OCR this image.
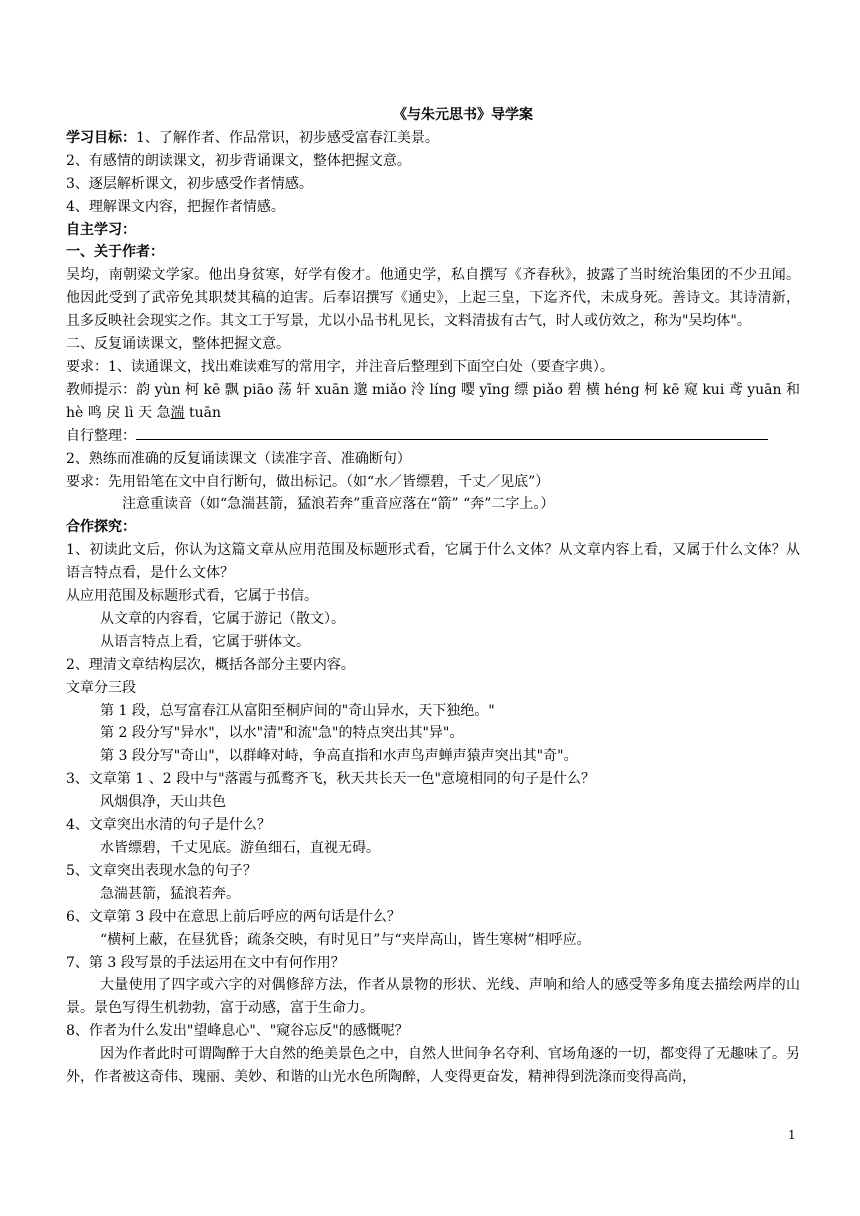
《与朱元思书》导学案
学习目标：1、了解作者、作品常识，初步感受富春江美景。
2、有感情的朗读课文，初步背诵课文，整体把握文意。
3、逐层解析课文，初步感受作者情感。
4、理解课文内容，把握作者情感。
自主学习：
一、关于作者：
吴均，南朝梁文学家。他出身贫寒，好学有俊才。他通史学，私自撰写《齐春秋》，披露了当时统治集团的不少丑闻。他因此受到了武帝免其职焚其稿的迫害。后奉诏撰写《通史》，上起三皇，下迄齐代，未成身死。善诗文。其诗清新，且多反映社会现实之作。其文工于写景，尤以小品书札见长，文料清拔有古气，时人或仿效之，称为"吴均体"。
二、反复诵读课文，整体把握文意。
要求：1、读通课文，找出难读难写的常用字，并注音后整理到下面空白处（要查字典）。
教师提示：韵 yùn 柯 kē 飘 piāo 荡 轩 xuān 邈 miǎo 泠 líng 嘤 yīng 缥 piǎo 碧 横 héng 柯 kē 窥 kui 鸢 yuān 和 hè 鸣 戾 lì 天 急湍 tuān
自行整理：
2、熟练而准确的反复诵读课文（读准字音、准确断句）
要求：先用铅笔在文中自行断句，做出标记。（如“水／皆缥碧，千丈／见底”）
注意重读音（如“急湍甚箭，猛浪若奔”重音应落在“箭” “奔”二字上。）
合作探究：
1、初读此文后，你认为这篇文章从应用范围及标题形式看，它属于什么文体？从文章内容上看，又属于什么文体？从语言特点看，是什么文体？
从应用范围及标题形式看，它属于书信。
从文章的内容看，它属于游记（散文）。
从语言特点上看，它属于骈体文。
2、理清文章结构层次，概括各部分主要内容。
文章分三段
第 1 段，总写富春江从富阳至桐庐间的"奇山异水，天下独绝。"
第 2 段分写"异水"，以水"清"和流"急"的特点突出其"异"。
第 3 段分写"奇山"，以群峰对峙，争高直指和水声鸟声蝉声猿声突出其"奇"。
3、文章第 1 、2 段中与"落霞与孤鹜齐飞，秋天共长天一色"意境相同的句子是什么？
风烟俱净，天山共色
4、文章突出水清的句子是什么？
水皆缥碧，千丈见底。游鱼细石，直视无碍。
5、文章突出表现水急的句子？
急湍甚箭，猛浪若奔。
6、文章第 3 段中在意思上前后呼应的两句话是什么？
“横柯上蔽，在昼犹昏；疏条交映，有时见日”与“夹岸高山，皆生寒树”相呼应。
7、第 3 段写景的手法运用在文中有何作用？
大量使用了四字或六字的对偶修辞方法，作者从景物的形状、光线、声响和给人的感受等多角度去描绘两岸的山景。景色写得生机勃勃，富于动感，富于生命力。
8、作者为什么发出"望峰息心"、"窥谷忘反"的感慨呢？
因为作者此时可谓陶醉于大自然的绝美景色之中，自然人世间争名夺利、官场角逐的一切，都变得了无趣味了。另外，作者被这奇伟、瑰丽、美妙、和谐的山光水色所陶醉，人变得更奋发，精神得到洗涤而变得高尚，
1
